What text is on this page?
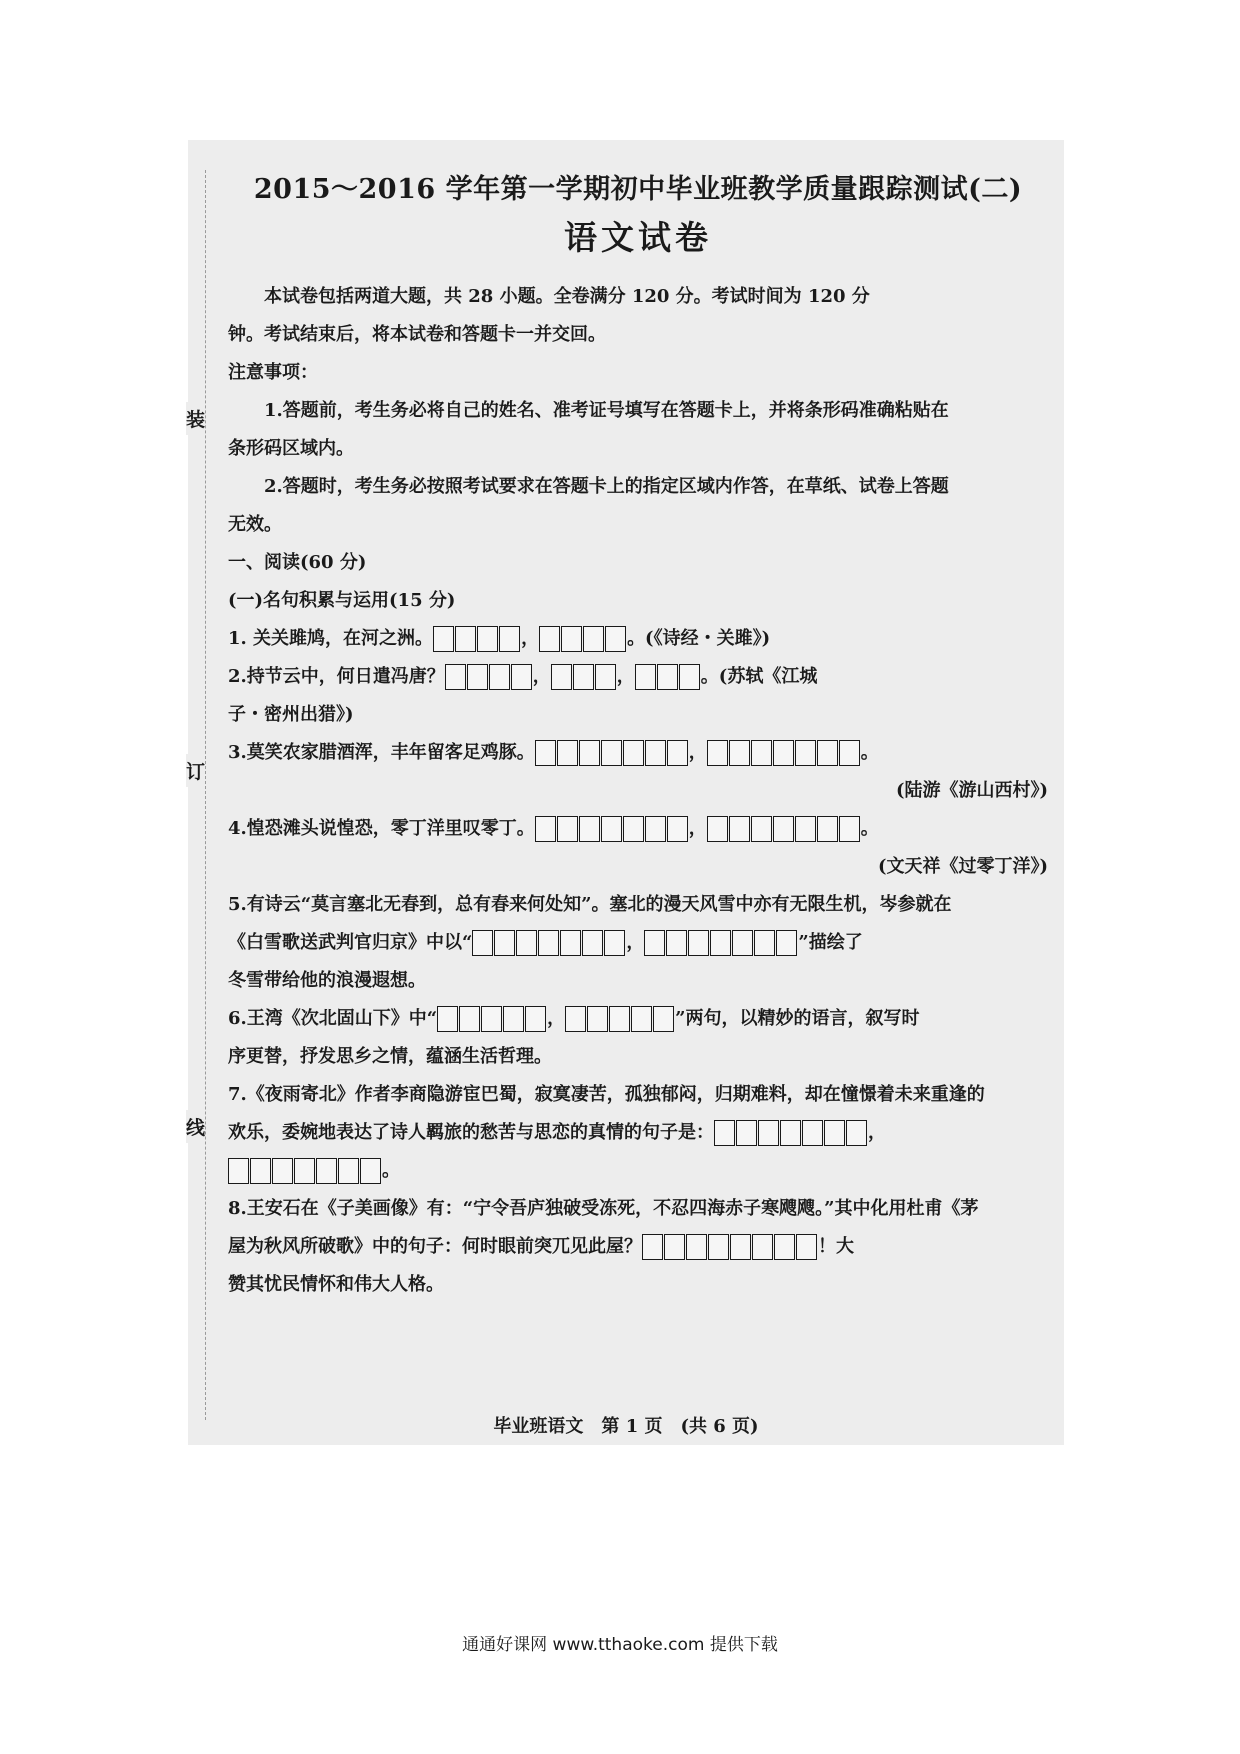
装
订
线
2015～2016 学年第一学期初中毕业班教学质量跟踪测试(二)
语文试卷

本试卷包括两道大题，共 28 小题。全卷满分 120 分。考试时间为 120 分

钟。考试结束后，将本试卷和答题卡一并交回。

注意事项：

1.答题前，考生务必将自己的姓名、准考证号填写在答题卡上，并将条形码准确粘贴在

条形码区域内。

2.答题时，考生务必按照考试要求在答题卡上的指定区域内作答，在草纸、试卷上答题

无效。

一、阅读(60 分)

(一)名句积累与运用(15 分)

1. 关关雎鸠，在河之洲。	，	。(《诗经・关雎》)

2.持节云中，何日遣冯唐？	，	，	。(苏轼《江城

子・密州出猎》)

3.莫笑农家腊酒浑，丰年留客足鸡豚。	，	。

(陆游《游山西村》)

4.惶恐滩头说惶恐，零丁洋里叹零丁。	，	。

(文天祥《过零丁洋》)

5.有诗云“莫言塞北无春到，总有春来何处知”。塞北的漫天风雪中亦有无限生机，岑参就在

《白雪歌送武判官归京》中以“	，	”描绘了

冬雪带给他的浪漫遐想。

6.王湾《次北固山下》中“	，	”两句，以精妙的语言，叙写时

序更替，抒发思乡之情，蕴涵生活哲理。

7.《夜雨寄北》作者李商隐游宦巴蜀，寂寞凄苦，孤独郁闷，归期难料，却在憧憬着未来重逢的

欢乐，委婉地表达了诗人羁旅的愁苦与思恋的真情的句子是：	，

。

8.王安石在《子美画像》有：“宁令吾庐独破受冻死，不忍四海赤子寒飕飕。”其中化用杜甫《茅

屋为秋风所破歌》中的句子：何时眼前突兀见此屋？	！大

赞其忧民情怀和伟大人格。

毕业班语文　第 1 页　(共 6 页)
通通好课网 www.tthaoke.com 提供下载
